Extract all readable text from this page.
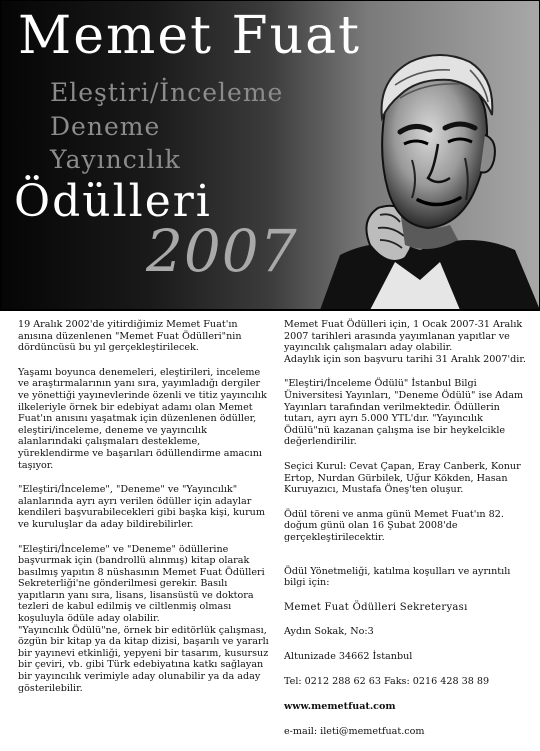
Memet Fuat
Eleştiri/İnceleme
Deneme
Yayıncılık
Ödülleri
2007

19 Aralık 2002'de yitirdiğimiz Memet Fuat'ın anısına düzenlenen "Memet Fuat Ödülleri"nin dördüncüsü bu yıl gerçekleştirilecek.

Yaşamı boyunca denemeleri, eleştirileri, inceleme ve araştırmalarının yanı sıra, yayımladığı dergiler ve yönettiği yayınevlerinde özenli ve titiz yayıncılık ilkeleriyle örnek bir edebiyat adamı olan Memet Fuat'ın anısını yaşatmak için düzenlenen ödüller, eleştiri/inceleme, deneme ve yayıncılık alanlarındaki çalışmaları destekleme, yüreklendirme ve başarıları ödüllendirme amacını taşıyor.

"Eleştiri/İnceleme", "Deneme" ve "Yayıncılık" alanlarında ayrı ayrı verilen ödüller için adaylar kendileri başvurabilecekleri gibi başka kişi, kurum ve kuruluşlar da aday bildirebilirler.

"Eleştiri/İnceleme" ve "Deneme" ödüllerine başvurmak için (bandrollü alınmış) kitap olarak basılmış yapıtın 8 nüshasının Memet Fuat Ödülleri Sekreterliği'ne gönderilmesi gerekir. Basılı yapıtların yanı sıra, lisans, lisansüstü ve doktora tezleri de kabul edilmiş ve ciltlenmiş olması koşuluyla ödüle aday olabilir.

"Yayıncılık Ödülü"ne, örnek bir editörlük çalışması, özgün bir kitap ya da kitap dizisi, başarılı ve yararlı bir yayınevi etkinliği, yepyeni bir tasarım, kusursuz bir çeviri, vb. gibi Türk edebiyatına katkı sağlayan bir yayıncılık verimiyle aday olunabilir ya da aday gösterilebilir.

Memet Fuat Ödülleri için, 1 Ocak 2007-31 Aralık 2007 tarihleri arasında yayımlanan yapıtlar ve yayıncılık çalışmaları aday olabilir.

Adaylık için son başvuru tarihi 31 Aralık 2007'dir.

"Eleştiri/İnceleme Ödülü" İstanbul Bilgi Üniversitesi Yayınları, "Deneme Ödülü" ise Adam Yayınları tarafından verilmektedir. Ödüllerin tutarı, ayrı ayrı 5.000 YTL'dır. "Yayıncılık Ödülü"nü kazanan çalışma ise bir heykelcikle değerlendirilir.

Seçici Kurul: Cevat Çapan, Eray Canberk, Konur Ertop, Nurdan Gürbilek, Uğur Kökden, Hasan Kuruyazıcı, Mustafa Öneş'ten oluşur.

Ödül töreni ve anma günü Memet Fuat'ın 82. doğum günü olan 16 Şubat 2008'de gerçekleştirilecektir.

Ödül Yönetmeliği, katılma koşulları ve ayrıntılı bilgi için:

Memet Fuat Ödülleri Sekreteryası

Aydın Sokak, No:3

Altunizade 34662 İstanbul

Tel: 0212 288 62 63 Faks: 0216 428 38 89

www.memetfuat.com

e-mail: ileti@memetfuat.com
